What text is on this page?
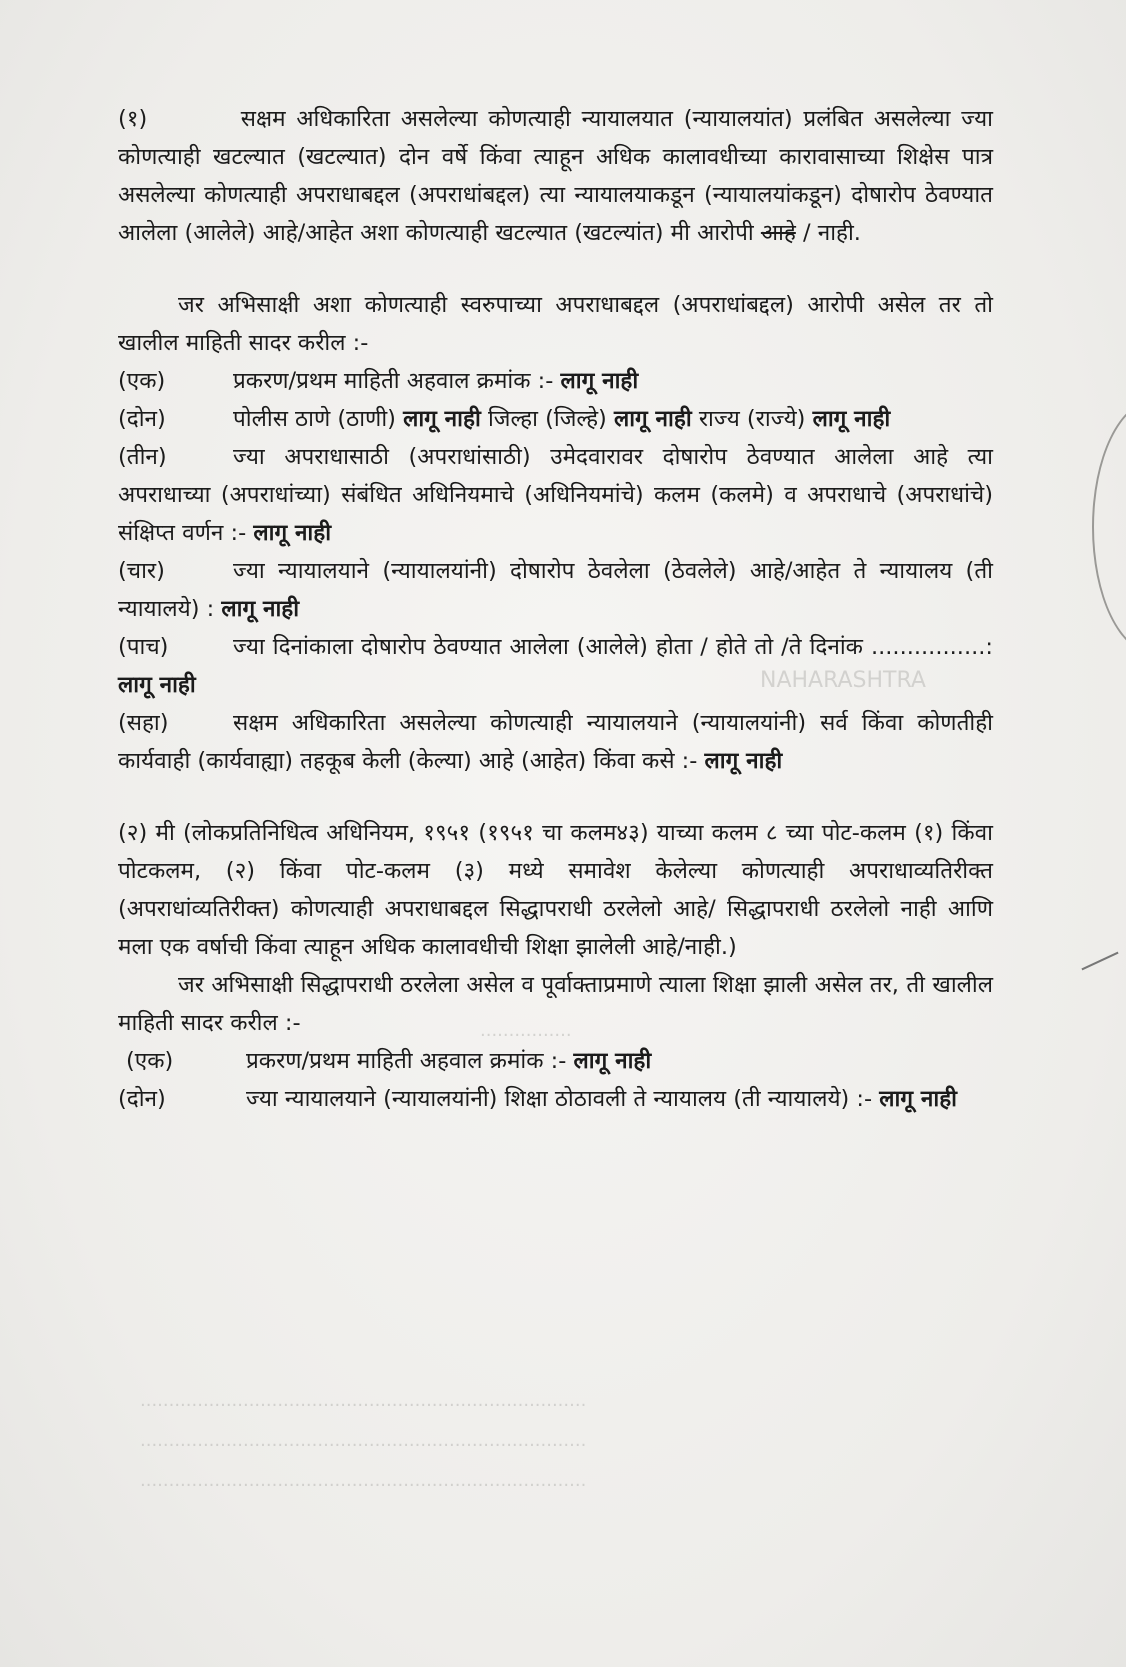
NAHARASHTRA
................
..............................................................................
..............................................................................
..............................................................................
(१)	सक्षम अधिकारिता असलेल्या कोणत्याही न्यायालयात (न्यायालयांत) प्रलंबित असलेल्या ज्या कोणत्याही खटल्यात (खटल्यात) दोन वर्षे किंवा त्याहून अधिक कालावधीच्या कारावासाच्या शिक्षेस पात्र असलेल्या कोणत्याही अपराधाबद्दल (अपराधांबद्दल) त्या न्यायालयाकडून (न्यायालयांकडून) दोषारोप ठेवण्यात आलेला (आलेले) आहे/आहेत अशा कोणत्याही खटल्यात (खटल्यांत) मी आरोपी आहे / नाही.
जर अभिसाक्षी अशा कोणत्याही स्वरुपाच्या अपराधाबद्दल (अपराधांबद्दल) आरोपी असेल तर तो खालील माहिती सादर करील :-
(एक)	प्रकरण/प्रथम माहिती अहवाल क्रमांक :- लागू नाही
(दोन)	पोलीस ठाणे (ठाणी) लागू नाही जिल्हा (जिल्हे) लागू नाही राज्य (राज्ये) लागू नाही
(तीन)	ज्या अपराधासाठी (अपराधांसाठी) उमेदवारावर दोषारोप ठेवण्यात आलेला आहे त्या अपराधाच्या (अपराधांच्या) संबंधित अधिनियमाचे (अधिनियमांचे) कलम (कलमे) व अपराधाचे (अपराधांचे) संक्षिप्त वर्णन :- लागू नाही
(चार)	ज्या न्यायालयाने (न्यायालयांनी) दोषारोप ठेवलेला (ठेवलेले) आहे/आहेत ते न्यायालय (ती न्यायालये) : लागू नाही
(पाच)	ज्या दिनांकाला दोषारोप ठेवण्यात आलेला (आलेले) होता / होते तो /ते दिनांक ................: लागू नाही
(सहा)	सक्षम अधिकारिता असलेल्या कोणत्याही न्यायालयाने (न्यायालयांनी) सर्व किंवा कोणतीही कार्यवाही (कार्यवाह्या) तहकूब केली (केल्या) आहे (आहेत) किंवा कसे :- लागू नाही
(२) मी (लोकप्रतिनिधित्व अधिनियम, १९५१ (१९५१ चा कलम४३) याच्या कलम ८ च्या पोट-कलम (१) किंवा पोटकलम, (२) किंवा पोट-कलम (३) मध्ये समावेश केलेल्या कोणत्याही अपराधाव्यतिरीक्त (अपराधांव्यतिरीक्त) कोणत्याही अपराधाबद्दल सिद्धापराधी ठरलेलो आहे/ सिद्धापराधी ठरलेलो नाही आणि मला एक वर्षाची किंवा त्याहून अधिक कालावधीची शिक्षा झालेली आहे/नाही.)
जर अभिसाक्षी सिद्धापराधी ठरलेला असेल व पूर्वाक्ताप्रमाणे त्याला शिक्षा झाली असेल तर, ती खालील माहिती सादर करील :-
(एक)	प्रकरण/प्रथम माहिती अहवाल क्रमांक :- लागू नाही
(दोन)	ज्या न्यायालयाने (न्यायालयांनी) शिक्षा ठोठावली ते न्यायालय (ती न्यायालये) :- लागू नाही
